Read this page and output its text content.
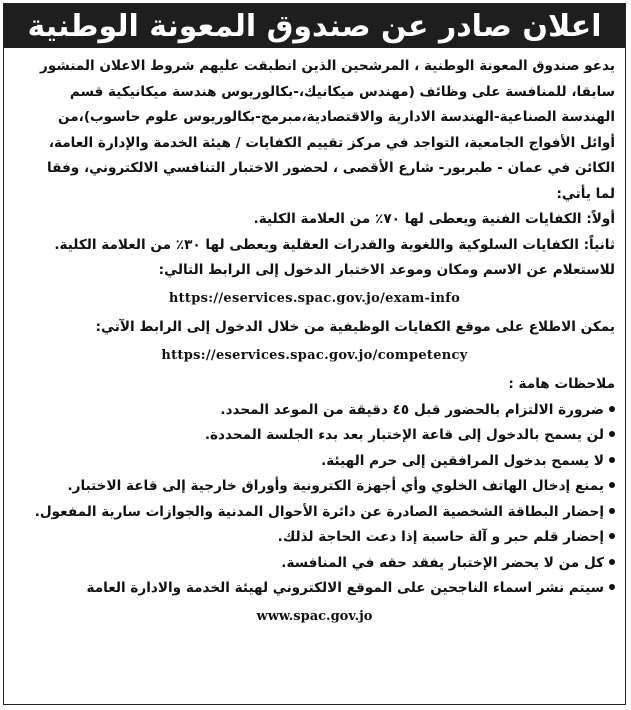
اعلان صادر عن صندوق المعونة الوطنية
يدعو صندوق المعونة الوطنية ، المرشحين الذين انطبقت عليهم شروط الاعلان المنشور
سابقا، للمنافسة على وظائف (مهندس ميكانيك،-بكالوريوس هندسة ميكانيكية قسم
الهندسة الصناعية-الهندسة الادارية والاقتصادية،مبرمج-بكالوريوس علوم حاسوب)،من
أوائل الأفواج الجامعية، التواجد في مركز تقييم الكفايات / هيئة الخدمة والإدارة العامة،
الكائن في عمان - طبربور- شارع الأقصى ، لحضور الاختبار التنافسي الالكتروني، وفقا
لما يأتي:
أولاً: الكفايات الفنية ويعطى لها ٧٠٪ من العلامة الكلية.
ثانياً: الكفايات السلوكية واللغوية والقدرات العقلية ويعطى لها ٣٠٪ من العلامة الكلية.
للاستعلام عن الاسم ومكان وموعد الاختبار الدخول إلى الرابط التالي:
https://eservices.spac.gov.jo/exam-info
يمكن الاطلاع على موقع الكفايات الوظيفية من خلال الدخول إلى الرابط الآتي:
https://eservices.spac.gov.jo/competency
ملاحظات هامة :
ضرورة الالتزام بالحضور قبل ٤٥ دقيقة من الموعد المحدد.
لن يسمح بالدخول إلى قاعة الإختبار بعد بدء الجلسة المحددة.
لا يسمح بدخول المرافقين إلى حرم الهيئة.
يمنع إدخال الهاتف الخلوي وأي أجهزة الكترونية وأوراق خارجية إلى قاعة الاختبار.
إحضار البطاقة الشخصية الصادرة عن دائرة الأحوال المدنية والجوازات سارية المفعول.
إحضار قلم حبر و آلة حاسبة إذا دعت الحاجة لذلك.
كل من لا يحضر الإختبار يفقد حقه في المنافسة.
سيتم نشر اسماء الناجحين على الموقع الالكتروني لهيئة الخدمة والادارة العامة
www.spac.gov.jo
